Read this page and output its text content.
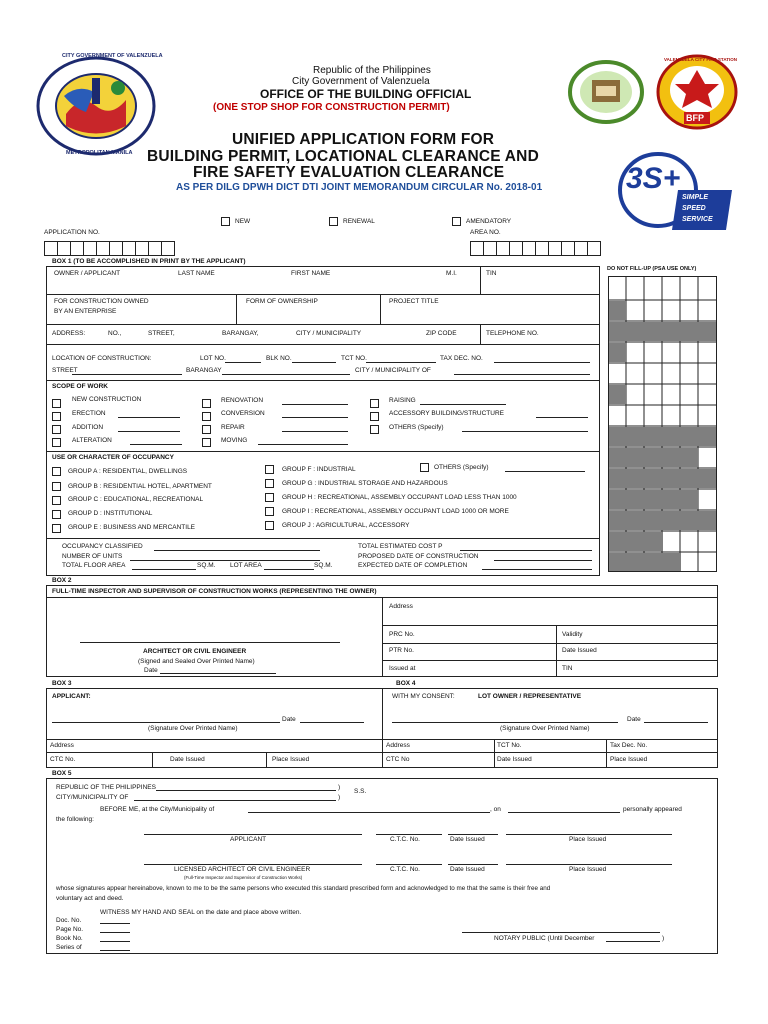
CITY GOVERNMENT OF VALENZUELA
METROPOLITAN MANILA
Republic of the Philippines
City Government of Valenzuela
OFFICE OF THE BUILDING OFFICIAL
(ONE STOP SHOP FOR CONSTRUCTION PERMIT)
BFP
VALENZUELA CITY FIRE STATION
UNIFIED APPLICATION FORM FOR
BUILDING PERMIT, LOCATIONAL CLEARANCE AND
FIRE SAFETY EVALUATION CLEARANCE
AS PER DILG DPWH DICT DTI JOINT MEMORANDUM CIRCULAR No. 2018-01	3S+
SIMPLE
SPEED
SERVICE
NEW	RENEWAL	AMENDATORY
APPLICATION NO.	AREA NO.
BOX 1 (TO BE ACCOMPLISHED IN PRINT BY THE APPLICANT)
OWNER / APPLICANT	LAST NAME	FIRST NAME	M.I.	TIN
FOR CONSTRUCTION OWNED
BY AN ENTERPRISE
FORM OF OWNERSHIP	PROJECT TITLE
ADDRESS:	NO.,	STREET,	BARANGAY,	CITY / MUNICIPALITY	ZIP CODE	TELEPHONE NO.
LOCATION OF CONSTRUCTION:	LOT NO.	BLK NO.	TCT NO.	TAX DEC. NO.
STREET	BARANGAY	CITY / MUNICIPALITY OF
SCOPE OF WORK
NEW CONSTRUCTION
ERECTION
ADDITION
ALTERATION
RENOVATION
CONVERSION
REPAIR
MOVING
RAISING
ACCESSORY BUILDING/STRUCTURE
OTHERS (Specify)
USE OR CHARACTER OF OCCUPANCY
GROUP A : RESIDENTIAL, DWELLINGS
GROUP B : RESIDENTIAL HOTEL, APARTMENT
GROUP C : EDUCATIONAL, RECREATIONAL
GROUP D : INSTITUTIONAL
GROUP E : BUSINESS AND MERCANTILE
GROUP F : INDUSTRIAL
GROUP G : INDUSTRIAL STORAGE AND HAZARDOUS
GROUP H : RECREATIONAL, ASSEMBLY OCCUPANT LOAD LESS THAN 1000
GROUP I : RECREATIONAL, ASSEMBLY OCCUPANT LOAD 1000 OR MORE
GROUP J : AGRICULTURAL, ACCESSORY
OTHERS (Specify)
OCCUPANCY CLASSIFIED
NUMBER OF UNITS
TOTAL FLOOR AREA	SQ.M. LOT AREA	SQ.M.
TOTAL ESTIMATED COST P
PROPOSED DATE OF CONSTRUCTION
EXPECTED DATE OF COMPLETION
DO NOT FILL-UP (PSA USE ONLY)
BOX 2
FULL-TIME INSPECTOR AND SUPERVISOR OF CONSTRUCTION WORKS (REPRESENTING THE OWNER)
Address
PRC No.	Validity
PTR No.	Date Issued
Issued at	TIN
ARCHITECT OR CIVIL ENGINEER
(Signed and Sealed Over Printed Name)
Date
BOX 3	BOX 4
APPLICANT:
Date
(Signature Over Printed Name)
Address
CTC No.	Date Issued	Place Issued
WITH MY CONSENT:	LOT OWNER / REPRESENTATIVE
Date
(Signature Over Printed Name)
Address	TCT No.	Tax Dec. No.
CTC No	Date Issued	Place Issued
BOX 5
REPUBLIC OF THE PHILIPPINES	)
CITY/MUNICIPALITY OF	)
S.S.
BEFORE ME, at the City/Municipality of	, on	personally appeared
the following:
APPLICANT	C.T.C. No.	Date Issued	Place Issued
LICENSED ARCHITECT OR CIVIL ENGINEER
(Full-Time Inspector and Supervisor of Construction Works)
C.T.C. No.	Date Issued	Place Issued
whose signatures appear hereinabove, known to me to be the same persons who executed this standard prescribed form and acknowledged to me that the same is their free and
voluntary act and deed.
WITNESS MY HAND AND SEAL on the date and place above written.
Doc. No.
Page No.
Book No.
Series of
NOTARY PUBLIC (Until December	)
